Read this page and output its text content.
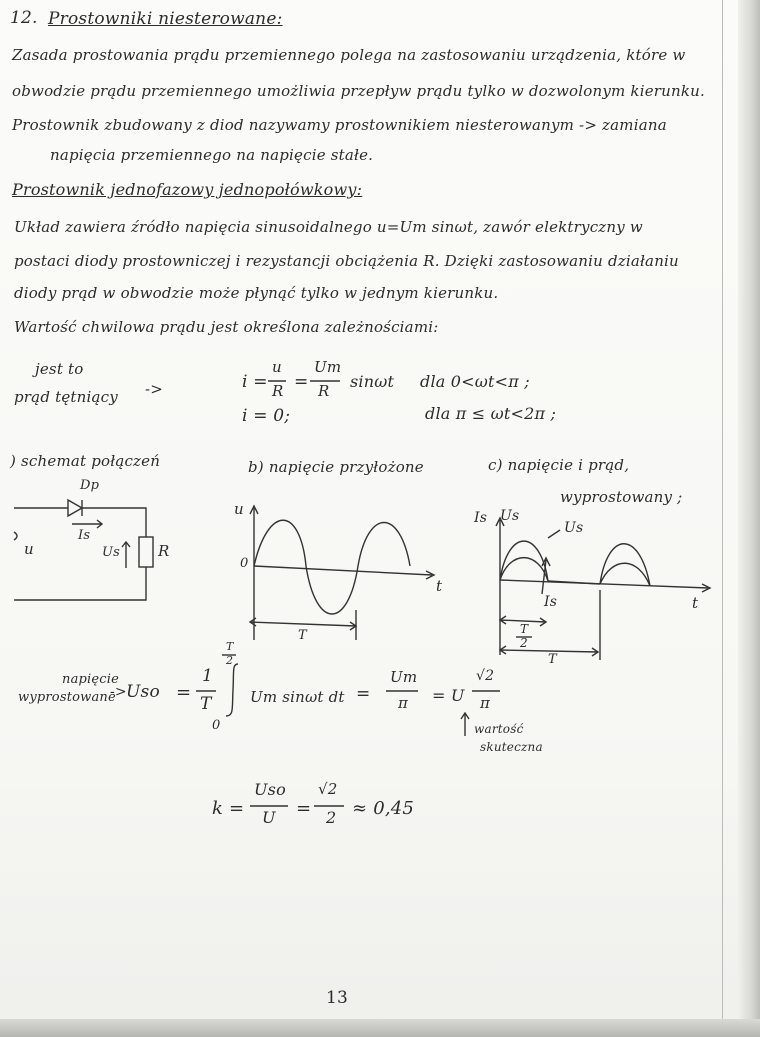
12. Prostowniki niesterowane:
Zasada prostowania prądu przemiennego polega na zastosowaniu urządzenia, które w
obwodzie prądu przemiennego umożliwia przepływ prądu tylko w dozwolonym kierunku.
Prostownik zbudowany z diod nazywamy prostownikiem niesterowanym -> zamiana
napięcia przemiennego na napięcie stałe.
Prostownik jednofazowy jednopołówkowy:
Układ zawiera źródło napięcia sinusoidalnego u=Um sinωt, zawór elektryczny w
postaci diody prostowniczej i rezystancji obciążenia R. Dzięki zastosowaniu działaniu
diody prąd w obwodzie może płynąć tylko w jednym kierunku.
Wartość chwilowa prądu jest określona zależnościami:
jest to
prąd tętniący ->	i =
u
R =
Um
R sinωt dla 0<ωt<π ;
i = 0;	dla π ≤ ωt<2π ;
) schemat połączeń	b) napięcie przyłożone	c) napięcie i prąd,
wyprostowany ;
Dp
u
Is
Us	R
u
0
t
T
Is Us
Us
Is	t
T
2
T
napięcie
wyprostowane
-> Uso =
1
T
T
2
0
Um sinωt dt =
Um
π = U
√2
π
wartość
skuteczna
k =
Uso
U =
√2
2 ≈ 0,45
13
